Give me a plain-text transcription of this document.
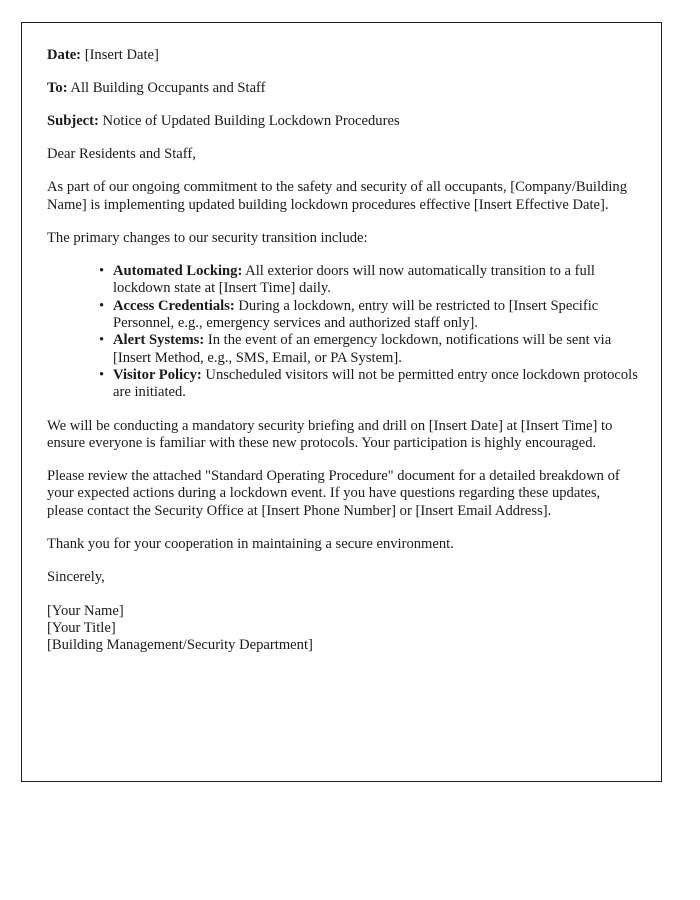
Date: [Insert Date]

To: All Building Occupants and Staff

Subject: Notice of Updated Building Lockdown Procedures

Dear Residents and Staff,

As part of our ongoing commitment to the safety and security of all occupants, [Company/Building Name] is implementing updated building lockdown procedures effective [Insert Effective Date].

The primary changes to our security transition include:

• Automated Locking: All exterior doors will now automatically transition to a full lockdown state at [Insert Time] daily.
• Access Credentials: During a lockdown, entry will be restricted to [Insert Specific Personnel, e.g., emergency services and authorized staff only].
• Alert Systems: In the event of an emergency lockdown, notifications will be sent via [Insert Method, e.g., SMS, Email, or PA System].
• Visitor Policy: Unscheduled visitors will not be permitted entry once lockdown protocols are initiated.

We will be conducting a mandatory security briefing and drill on [Insert Date] at [Insert Time] to ensure everyone is familiar with these new protocols. Your participation is highly encouraged.

Please review the attached "Standard Operating Procedure" document for a detailed breakdown of your expected actions during a lockdown event. If you have questions regarding these updates, please contact the Security Office at [Insert Phone Number] or [Insert Email Address].

Thank you for your cooperation in maintaining a secure environment.

Sincerely,

[Your Name]

[Your Title]

[Building Management/Security Department]
